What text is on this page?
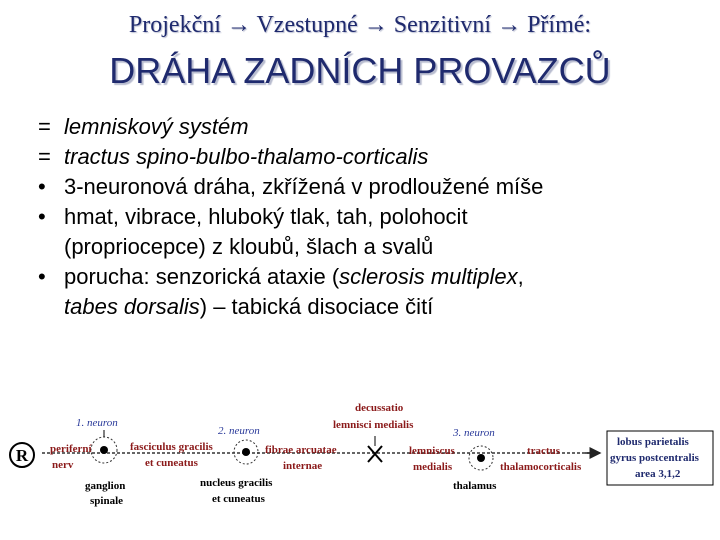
Projekční → Vzestupné → Senzitivní → Přímé:
DRÁHA ZADNÍCH PROVAZCŮ
= lemniskový systém
= tractus spino-bulbo-thalamo-corticalis
• 3-neuronová dráha, zkřížená v prodloužené míše
• hmat, vibrace, hluboký tlak, tah, polohocit
(propriocepce) z kloubů, šlach a svalů
• porucha: senzorická ataxie (sclerosis multiplex,
tabes dorsalis) – tabická disociace čití
R
1. neuron
2. neuron	3. neuron
periferní
nerv
ganglion
spinale
fasciculus gracilis
et cuneatus
nucleus gracilis
et cuneatus
fibrae arcuatae
internae
decussatio
lemnisci medialis
lemniscus
medialis
thalamus
tractus
thalamocorticalis
lobus parietalis
gyrus postcentralis
area 3,1,2
